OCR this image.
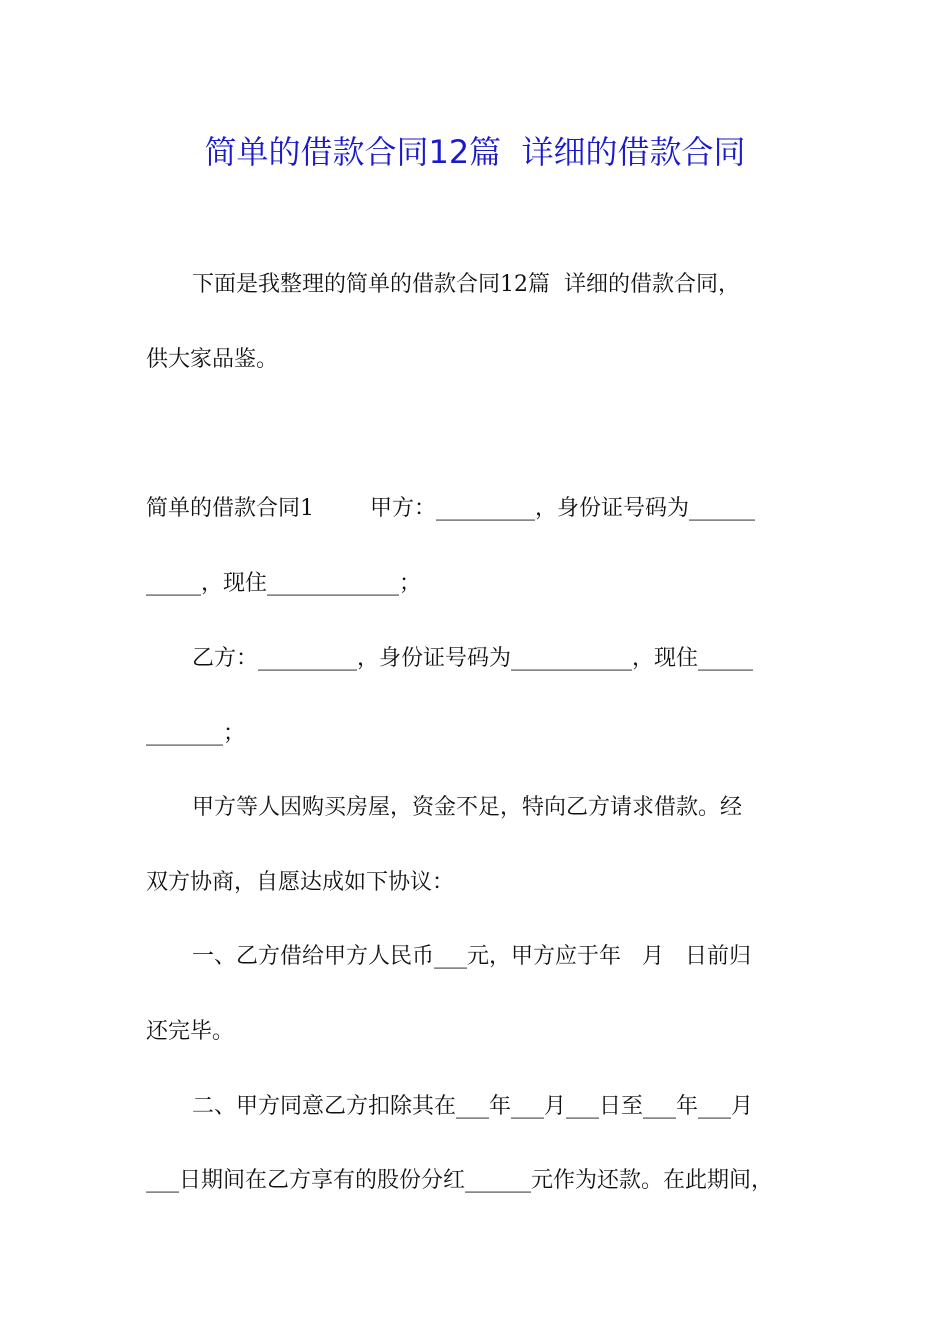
简单的借款合同12篇  详细的借款合同
下面是我整理的简单的借款合同12篇  详细的借款合同，
供大家品鉴。
简单的借款合同1        甲方：_________，身份证号码为______
_____，现住____________；
乙方：_________，身份证号码为___________，现住_____
_______；
甲方等人因购买房屋，资金不足，特向乙方请求借款。经
双方协商，自愿达成如下协议：
一、乙方借给甲方人民币___元，甲方应于年   月   日前归
还完毕。
二、甲方同意乙方扣除其在___年___月___日至___年___月
___日期间在乙方享有的股份分红______元作为还款。在此期间，
